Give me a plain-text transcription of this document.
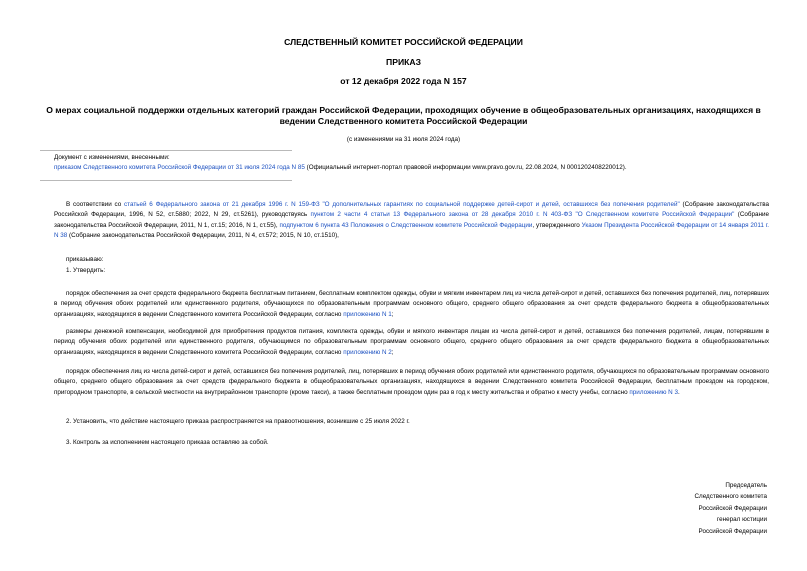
СЛЕДСТВЕННЫЙ КОМИТЕТ РОССИЙСКОЙ ФЕДЕРАЦИИ
ПРИКАЗ
от 12 декабря 2022 года N 157
О мерах социальной поддержки отдельных категорий граждан Российской Федерации, проходящих обучение в общеобразовательных организациях, находящихся в ведении Следственного комитета Российской Федерации
(с изменениями на 31 июля 2024 года)
Документ с изменениями, внесенными:
приказом Следственного комитета Российской Федерации от 31 июля 2024 года N 85 (Официальный интернет-портал правовой информации www.pravo.gov.ru, 22.08.2024, N 0001202408220012).
В соответствии со статьей 6 Федерального закона от 21 декабря 1996 г. N 159-ФЗ "О дополнительных гарантиях по социальной поддержке детей-сирот и детей, оставшихся без попечения родителей" (Собрание законодательства Российской Федерации, 1996, N 52, ст.5880; 2022, N 29, ст.5261), руководствуясь пунктом 2 части 4 статьи 13 Федерального закона от 28 декабря 2010 г. N 403-ФЗ "О Следственном комитете Российской Федерации" (Собрание законодательства Российской Федерации, 2011, N 1, ст.15; 2016, N 1, ст.55), подпунктом 6 пункта 43 Положения о Следственном комитете Российской Федерации, утвержденного Указом Президента Российской Федерации от 14 января 2011 г. N 38 (Собрание законодательства Российской Федерации, 2011, N 4, ст.572; 2015, N 10, ст.1510),
приказываю:
1. Утвердить:
порядок обеспечения за счет средств федерального бюджета бесплатным питанием, бесплатным комплектом одежды, обуви и мягким инвентарем лиц из числа детей-сирот и детей, оставшихся без попечения родителей, лиц, потерявших в период обучения обоих родителей или единственного родителя, обучающихся по образовательным программам основного общего, среднего общего образования за счет средств федерального бюджета в общеобразовательных организациях, находящихся в ведении Следственного комитета Российской Федерации, согласно приложению N 1;
размеры денежной компенсации, необходимой для приобретения продуктов питания, комплекта одежды, обуви и мягкого инвентаря лицам из числа детей-сирот и детей, оставшихся без попечения родителей, лицам, потерявшим в период обучения обоих родителей или единственного родителя, обучающимся по образовательным программам основного общего, среднего общего образования за счет средств федерального бюджета в общеобразовательных организациях, находящихся в ведении Следственного комитета Российской Федерации, согласно приложению N 2;
порядок обеспечения лиц из числа детей-сирот и детей, оставшихся без попечения родителей, лиц, потерявших в период обучения обоих родителей или единственного родителя, обучающихся по образовательным программам основного общего, среднего общего образования за счет средств федерального бюджета в общеобразовательных организациях, находящихся в ведении Следственного комитета Российской Федерации, бесплатным проездом на городском, пригородном транспорте, в сельской местности на внутрирайонном транспорте (кроме такси), а также бесплатным проездом один раз в год к месту жительства и обратно к месту учебы, согласно приложению N 3.
2. Установить, что действие настоящего приказа распространяется на правоотношения, возникшие с 25 июля 2022 г.
3. Контроль за исполнением настоящего приказа оставляю за собой.
Председатель
Следственного комитета
Российской Федерации
генерал юстиции
Российской Федерации
